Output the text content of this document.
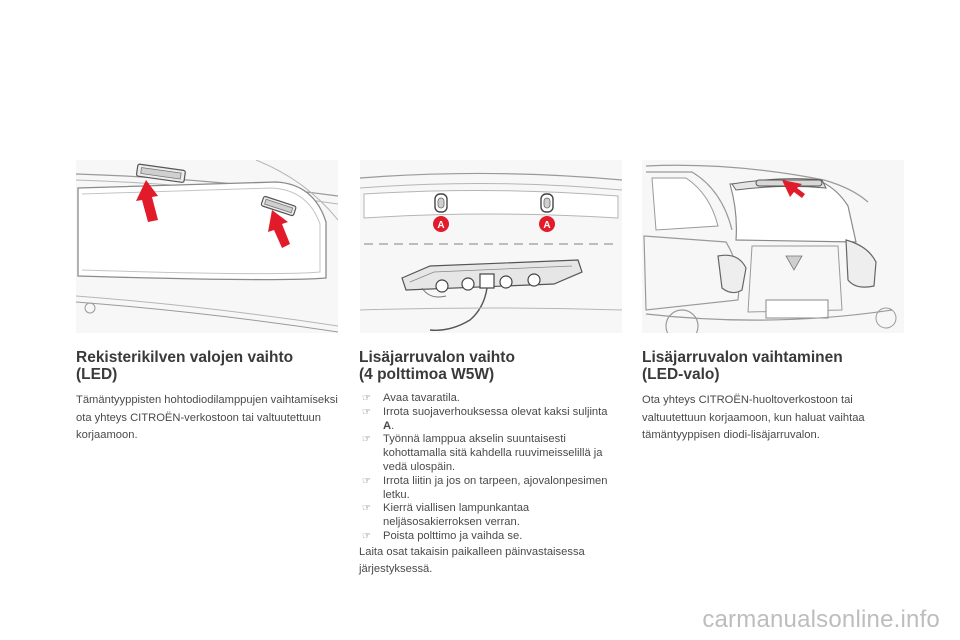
A	A
Rekisterikilven valojen vaihto
(LED)

Tämäntyyppisten hohtodiodilamppujen vaihtamiseksi ota yhteys CITROËN-verkostoon tai valtuutettuun korjaamoon.

Lisäjarruvalon vaihto
(4 polttimoa W5W)
☞ Avaa tavaratila.
☞ Irrota suojaverhouksessa olevat kaksi suljinta A.
☞ Työnnä lamppua akselin suuntaisesti kohottamalla sitä kahdella ruuvimeisselillä ja vedä ulospäin.
☞ Irrota liitin ja jos on tarpeen, ajovalonpesimen letku.
☞ Kierrä viallisen lampunkantaa neljäsosakierroksen verran.
☞ Poista polttimo ja vaihda se.

Laita osat takaisin paikalleen päinvastaisessa järjestyksessä.

Lisäjarruvalon vaihtaminen
(LED-valo)

Ota yhteys CITROËN-huoltoverkostoon tai valtuutettuun korjaamoon, kun haluat vaihtaa tämäntyyppisen diodi-lisäjarruvalon.

carmanualsonline.info
